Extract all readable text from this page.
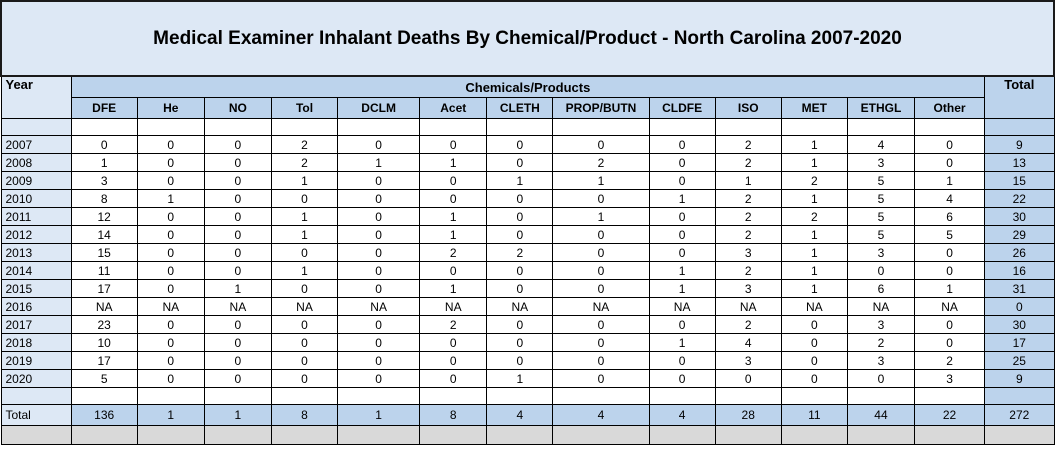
Medical Examiner Inhalant Deaths By Chemical/Product - North Carolina 2007-2020														
Year	Chemicals/Products													Total
	DFE	He	NO	Tol	DCLM	Acet	CLETH	PROP/BUTN	CLDFE	ISO	MET	ETHGL	Other	

2007	0	0	0	2	0	0	0	0	0	2	1	4	0	9
2008	1	0	0	2	1	1	0	2	0	2	1	3	0	13
2009	3	0	0	1	0	0	1	1	0	1	2	5	1	15
2010	8	1	0	0	0	0	0	0	1	2	1	5	4	22
2011	12	0	0	1	0	1	0	1	0	2	2	5	6	30
2012	14	0	0	1	0	1	0	0	0	2	1	5	5	29
2013	15	0	0	0	0	2	2	0	0	3	1	3	0	26
2014	11	0	0	1	0	0	0	0	1	2	1	0	0	16
2015	17	0	1	0	0	1	0	0	1	3	1	6	1	31
2016	NA	NA	NA	NA	NA	NA	NA	NA	NA	NA	NA	NA	NA	0
2017	23	0	0	0	0	2	0	0	0	2	0	3	0	30
2018	10	0	0	0	0	0	0	0	1	4	0	2	0	17
2019	17	0	0	0	0	0	0	0	0	3	0	3	2	25
2020	5	0	0	0	0	0	1	0	0	0	0	0	3	9

Total	136	1	1	8	1	8	4	4	4	28	11	44	22	272
